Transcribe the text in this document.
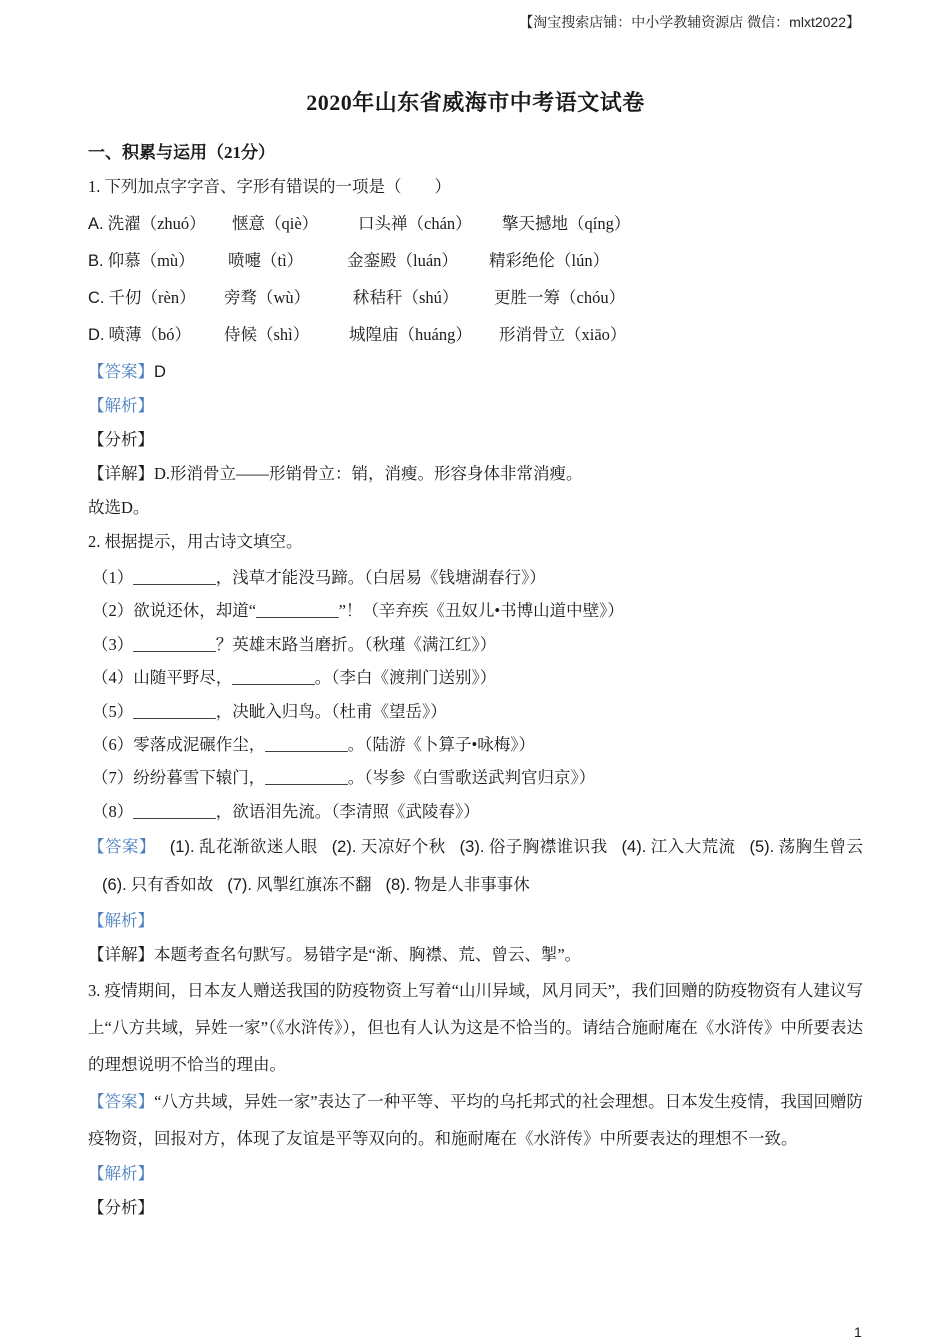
【淘宝搜索店铺：中小学教辅资源店 微信：mlxt2022】
2020年山东省威海市中考语文试卷
一、积累与运用（21分）
1. 下列加点字字音、字形有错误的一项是（　　）
A. 洗濯（zhuó） 惬意（qiè） 口头禅（chán） 擎天撼地（qíng）
B. 仰慕（mù） 喷嚏（tì）	金銮殿（luán） 精彩绝伦（lún）
C. 千仞（rèn） 旁骛（wù）	秫秸秆（shú） 更胜一筹（chóu）
D. 喷薄（bó） 侍候（shì） 城隍庙（huáng） 形消骨立（xiāo）
【答案】D
【解析】
【分析】
【详解】D.形消骨立——形销骨立：销，消瘦。形容身体非常消瘦。
故选D。
2. 根据提示，用古诗文填空。
（1）__________，浅草才能没马蹄。（白居易《钱塘湖春行》）
（2）欲说还休，却道“__________”！（辛弃疾《丑奴儿•书博山道中壁》）
（3）__________？英雄末路当磨折。（秋瑾《满江红》）
（4）山随平野尽，__________。（李白《渡荆门送别》）
（5）__________，决眦入归鸟。（杜甫《望岳》）
（6）零落成泥碾作尘，__________。（陆游《卜算子•咏梅》）
（7）纷纷暮雪下辕门，__________。（岑参《白雪歌送武判官归京》）
（8）__________，欲语泪先流。（李清照《武陵春》）
【答案】 (1). 乱花渐欲迷人眼 (2). 天凉好个秋 (3). 俗子胸襟谁识我 (4). 江入大荒流 (5). 荡胸生曾云(6). 只有香如故 (7). 风掣红旗冻不翻 (8). 物是人非事事休
【解析】
【详解】本题考查名句默写。易错字是“渐、胸襟、荒、曾云、掣”。
3. 疫情期间，日本友人赠送我国的防疫物资上写着“山川异域，风月同天”，我们回赠的防疫物资有人建议写上“八方共域，异姓一家”（《水浒传》），但也有人认为这是不恰当的。请结合施耐庵在《水浒传》中所要表达的理想说明不恰当的理由。
【答案】“八方共域，异姓一家”表达了一种平等、平均的乌托邦式的社会理想。日本发生疫情，我国回赠防疫物资，回报对方，体现了友谊是平等双向的。和施耐庵在《水浒传》中所要表达的理想不一致。
【解析】
【分析】
1
